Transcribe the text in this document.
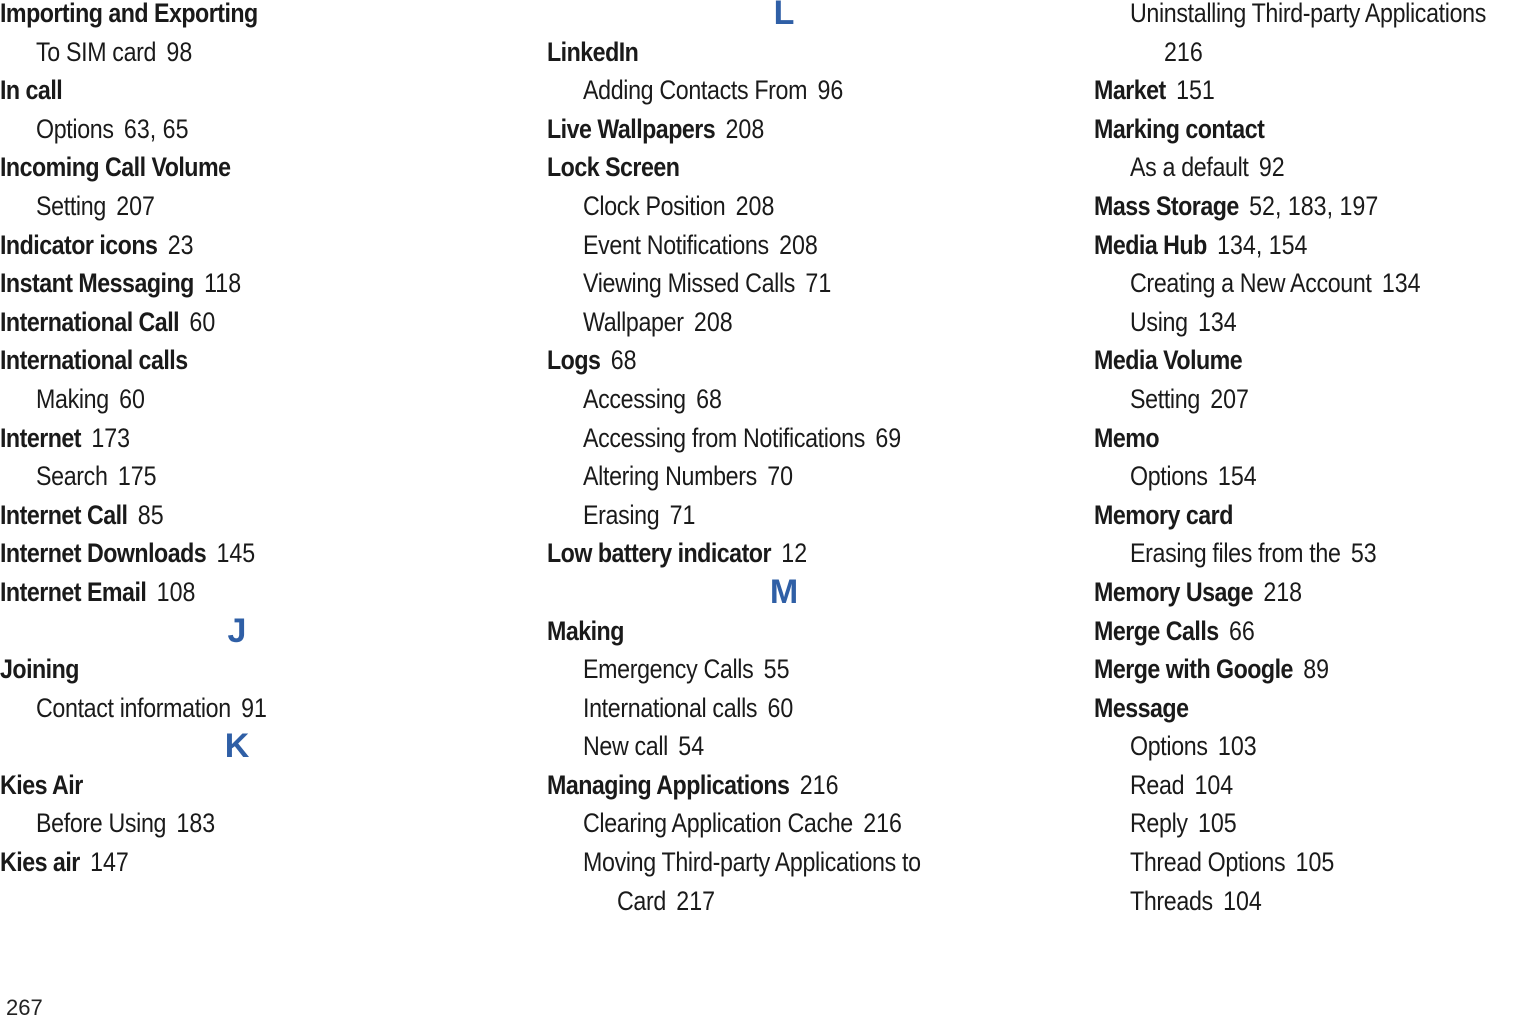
Importing and Exporting
To SIM card 98
In call
Options 63, 65
Incoming Call Volume
Setting 207
Indicator icons 23
Instant Messaging 118
International Call 60
International calls
Making 60
Internet 173
Search 175
Internet Call 85
Internet Downloads 145
Internet Email 108
J
Joining
Contact information 91
K
Kies Air
Before Using 183
Kies air 147
L
LinkedIn
Adding Contacts From 96
Live Wallpapers 208
Lock Screen
Clock Position 208
Event Notifications 208
Viewing Missed Calls 71
Wallpaper 208
Logs 68
Accessing 68
Accessing from Notifications 69
Altering Numbers 70
Erasing 71
Low battery indicator 12
M
Making
Emergency Calls 55
International calls 60
New call 54
Managing Applications 216
Clearing Application Cache 216
Moving Third-party Applications to
Card 217
Uninstalling Third-party Applications
216
Market 151
Marking contact
As a default 92
Mass Storage 52, 183, 197
Media Hub 134, 154
Creating a New Account 134
Using 134
Media Volume
Setting 207
Memo
Options 154
Memory card
Erasing files from the 53
Memory Usage 218
Merge Calls 66
Merge with Google 89
Message
Options 103
Read 104
Reply 105
Thread Options 105
Threads 104
267
